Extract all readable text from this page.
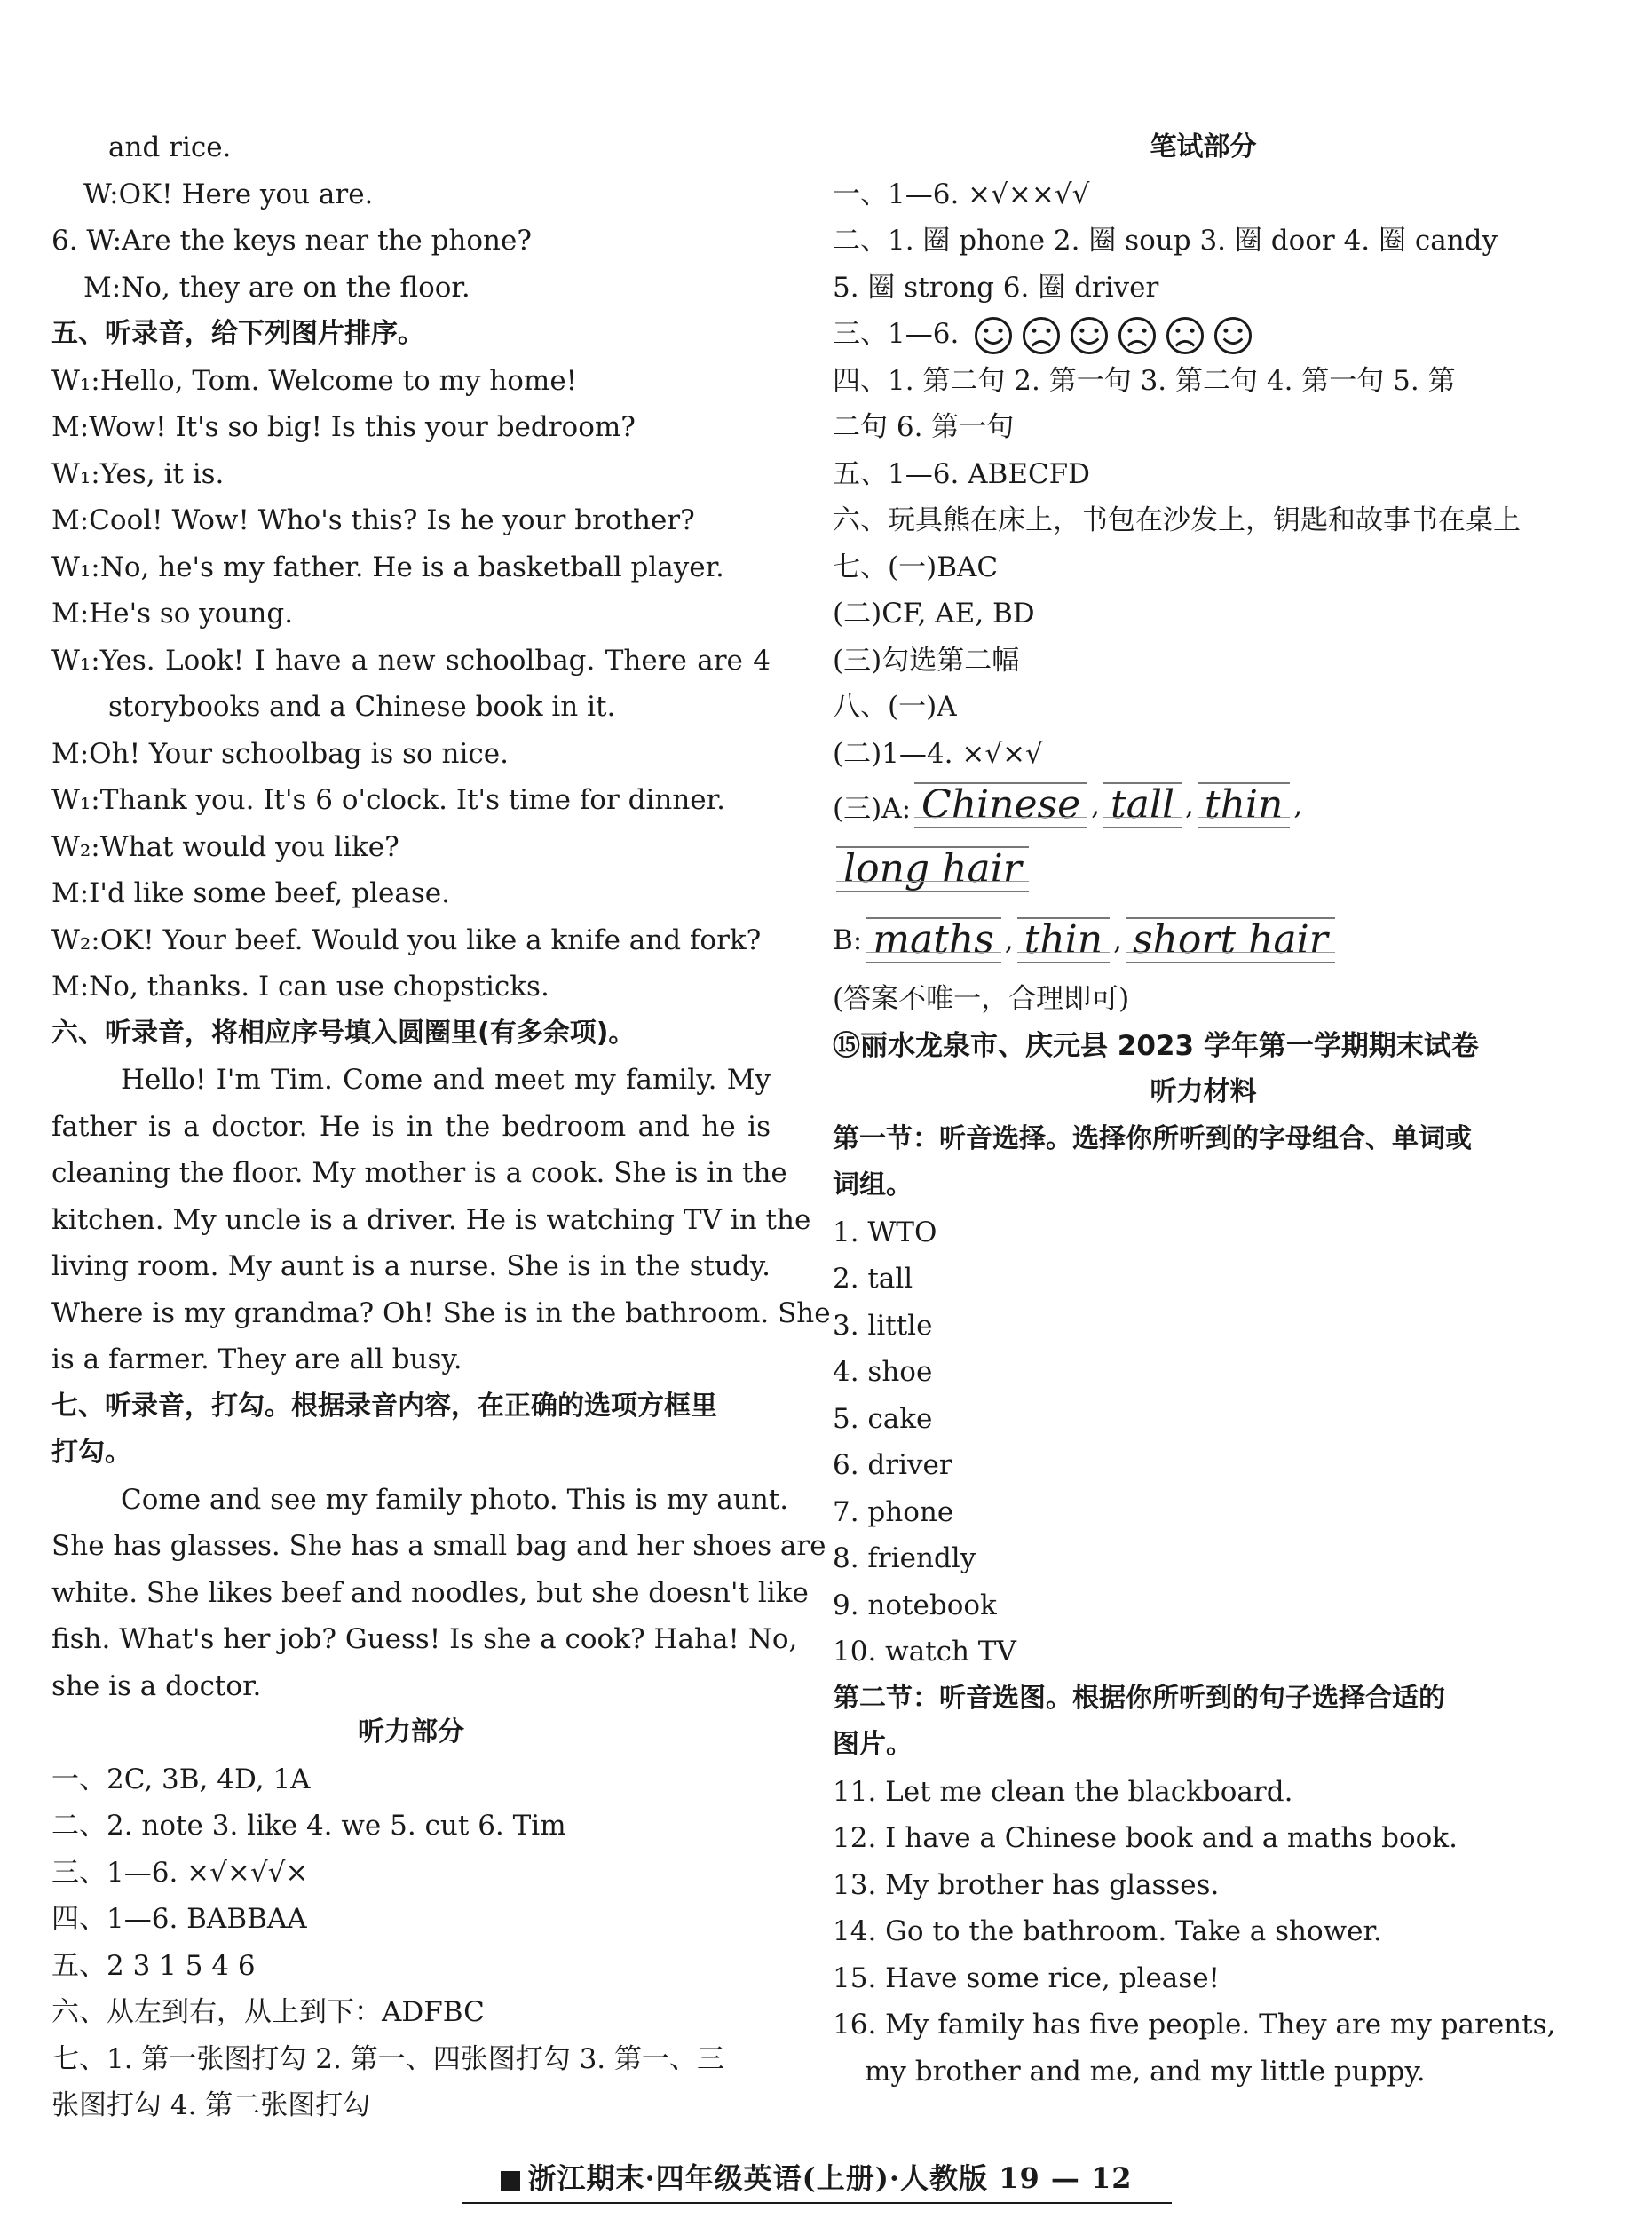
and rice.
W:OK! Here you are.
6. W:Are the keys near the phone?
M:No, they are on the floor.
五、听录音，给下列图片排序。
W₁:Hello, Tom. Welcome to my home!
M:Wow! It's so big! Is this your bedroom?
W₁:Yes, it is.
M:Cool! Wow! Who's this? Is he your brother?
W₁:No, he's my father. He is a basketball player.
M:He's so young.
W₁:Yes. Look! I have a new schoolbag. There are 4
storybooks and a Chinese book in it.
M:Oh! Your schoolbag is so nice.
W₁:Thank you. It's 6 o'clock. It's time for dinner.
W₂:What would you like?
M:I'd like some beef, please.
W₂:OK! Your beef. Would you like a knife and fork?
M:No, thanks. I can use chopsticks.
六、听录音，将相应序号填入圆圈里(有多余项)。
Hello! I'm Tim. Come and meet my family. My
father is a doctor. He is in the bedroom and he is
cleaning the floor. My mother is a cook. She is in the
kitchen. My uncle is a driver. He is watching TV in the
living room. My aunt is a nurse. She is in the study.
Where is my grandma? Oh! She is in the bathroom. She
is a farmer. They are all busy.
七、听录音，打勾。根据录音内容，在正确的选项方框里
打勾。
Come and see my family photo. This is my aunt.
She has glasses. She has a small bag and her shoes are
white. She likes beef and noodles, but she doesn't like
fish. What's her job? Guess! Is she a cook? Haha! No,
she is a doctor.
听力部分
一、2C, 3B, 4D, 1A
二、2. note 3. like 4. we 5. cut 6. Tim
三、1—6. ×√×√√×
四、1—6. BABBAA
五、2 3 1 5 4 6
六、从左到右，从上到下：ADFBC
七、1. 第一张图打勾 2. 第一、四张图打勾 3. 第一、三
张图打勾 4. 第二张图打勾
笔试部分
一、1—6. ×√××√√
二、1. 圈 phone 2. 圈 soup 3. 圈 door 4. 圈 candy
5. 圈 strong 6. 圈 driver
三、1—6.
四、1. 第二句 2. 第一句 3. 第二句 4. 第一句 5. 第
二句 6. 第一句
五、1—6. ABECFD
六、玩具熊在床上，书包在沙发上，钥匙和故事书在桌上
七、(一)BAC
(二)CF, AE, BD
(三)勾选第二幅
八、(一)A
(二)1—4. ×√×√
(三)A: Chinese , tall , thin ,
long hair
B: maths , thin , short hair
(答案不唯一，合理即可)
⑮丽水龙泉市、庆元县 2023 学年第一学期期末试卷
听力材料
第一节：听音选择。选择你所听到的字母组合、单词或
词组。
1. WTO
2. tall
3. little
4. shoe
5. cake
6. driver
7. phone
8. friendly
9. notebook
10. watch TV
第二节：听音选图。根据你所听到的句子选择合适的
图片。
11. Let me clean the blackboard.
12. I have a Chinese book and a maths book.
13. My brother has glasses.
14. Go to the bathroom. Take a shower.
15. Have some rice, please!
16. My family has five people. They are my parents,
my brother and me, and my little puppy.
浙江期末·四年级英语(上册)·人教版 19 — 12
